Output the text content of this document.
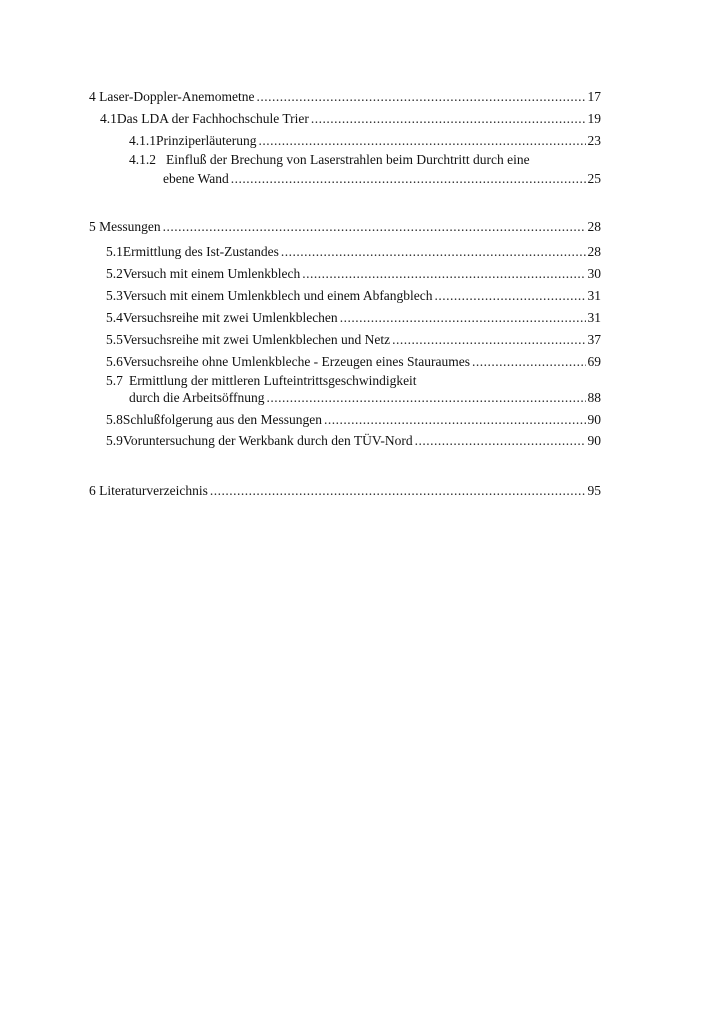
4 Laser-Doppler-Anemometne .....	17
4.1 Das LDA der Fachhochschule Trier .....	19
4.1.1 Prinziperläuterung .....	23
4.1.2 Einfluß der Brechung von Laserstrahlen beim Durchtritt durch eine
ebene Wand .....	25
5 Messungen .....	28
5.1 Ermittlung des Ist-Zustandes .....	28
5.2 Versuch mit einem Umlenkblech .....	30
5.3 Versuch mit einem Umlenkblech und einem Abfangblech .....	31
5.4 Versuchsreihe mit zwei Umlenkblechen .....	31
5.5 Versuchsreihe mit zwei Umlenkblechen und Netz .....	37
5.6 Versuchsreihe ohne Umlenkbleche - Erzeugen eines Stauraumes .....	69
5.7 Ermittlung der mittleren Lufteintrittsgeschwindigkeit
durch die Arbeitsöffnung .....	88
5.8 Schlußfolgerung aus den Messungen .....	90
5.9 Voruntersuchung der Werkbank durch den TÜV-Nord .....	90
6 Literaturverzeichnis .....	95
